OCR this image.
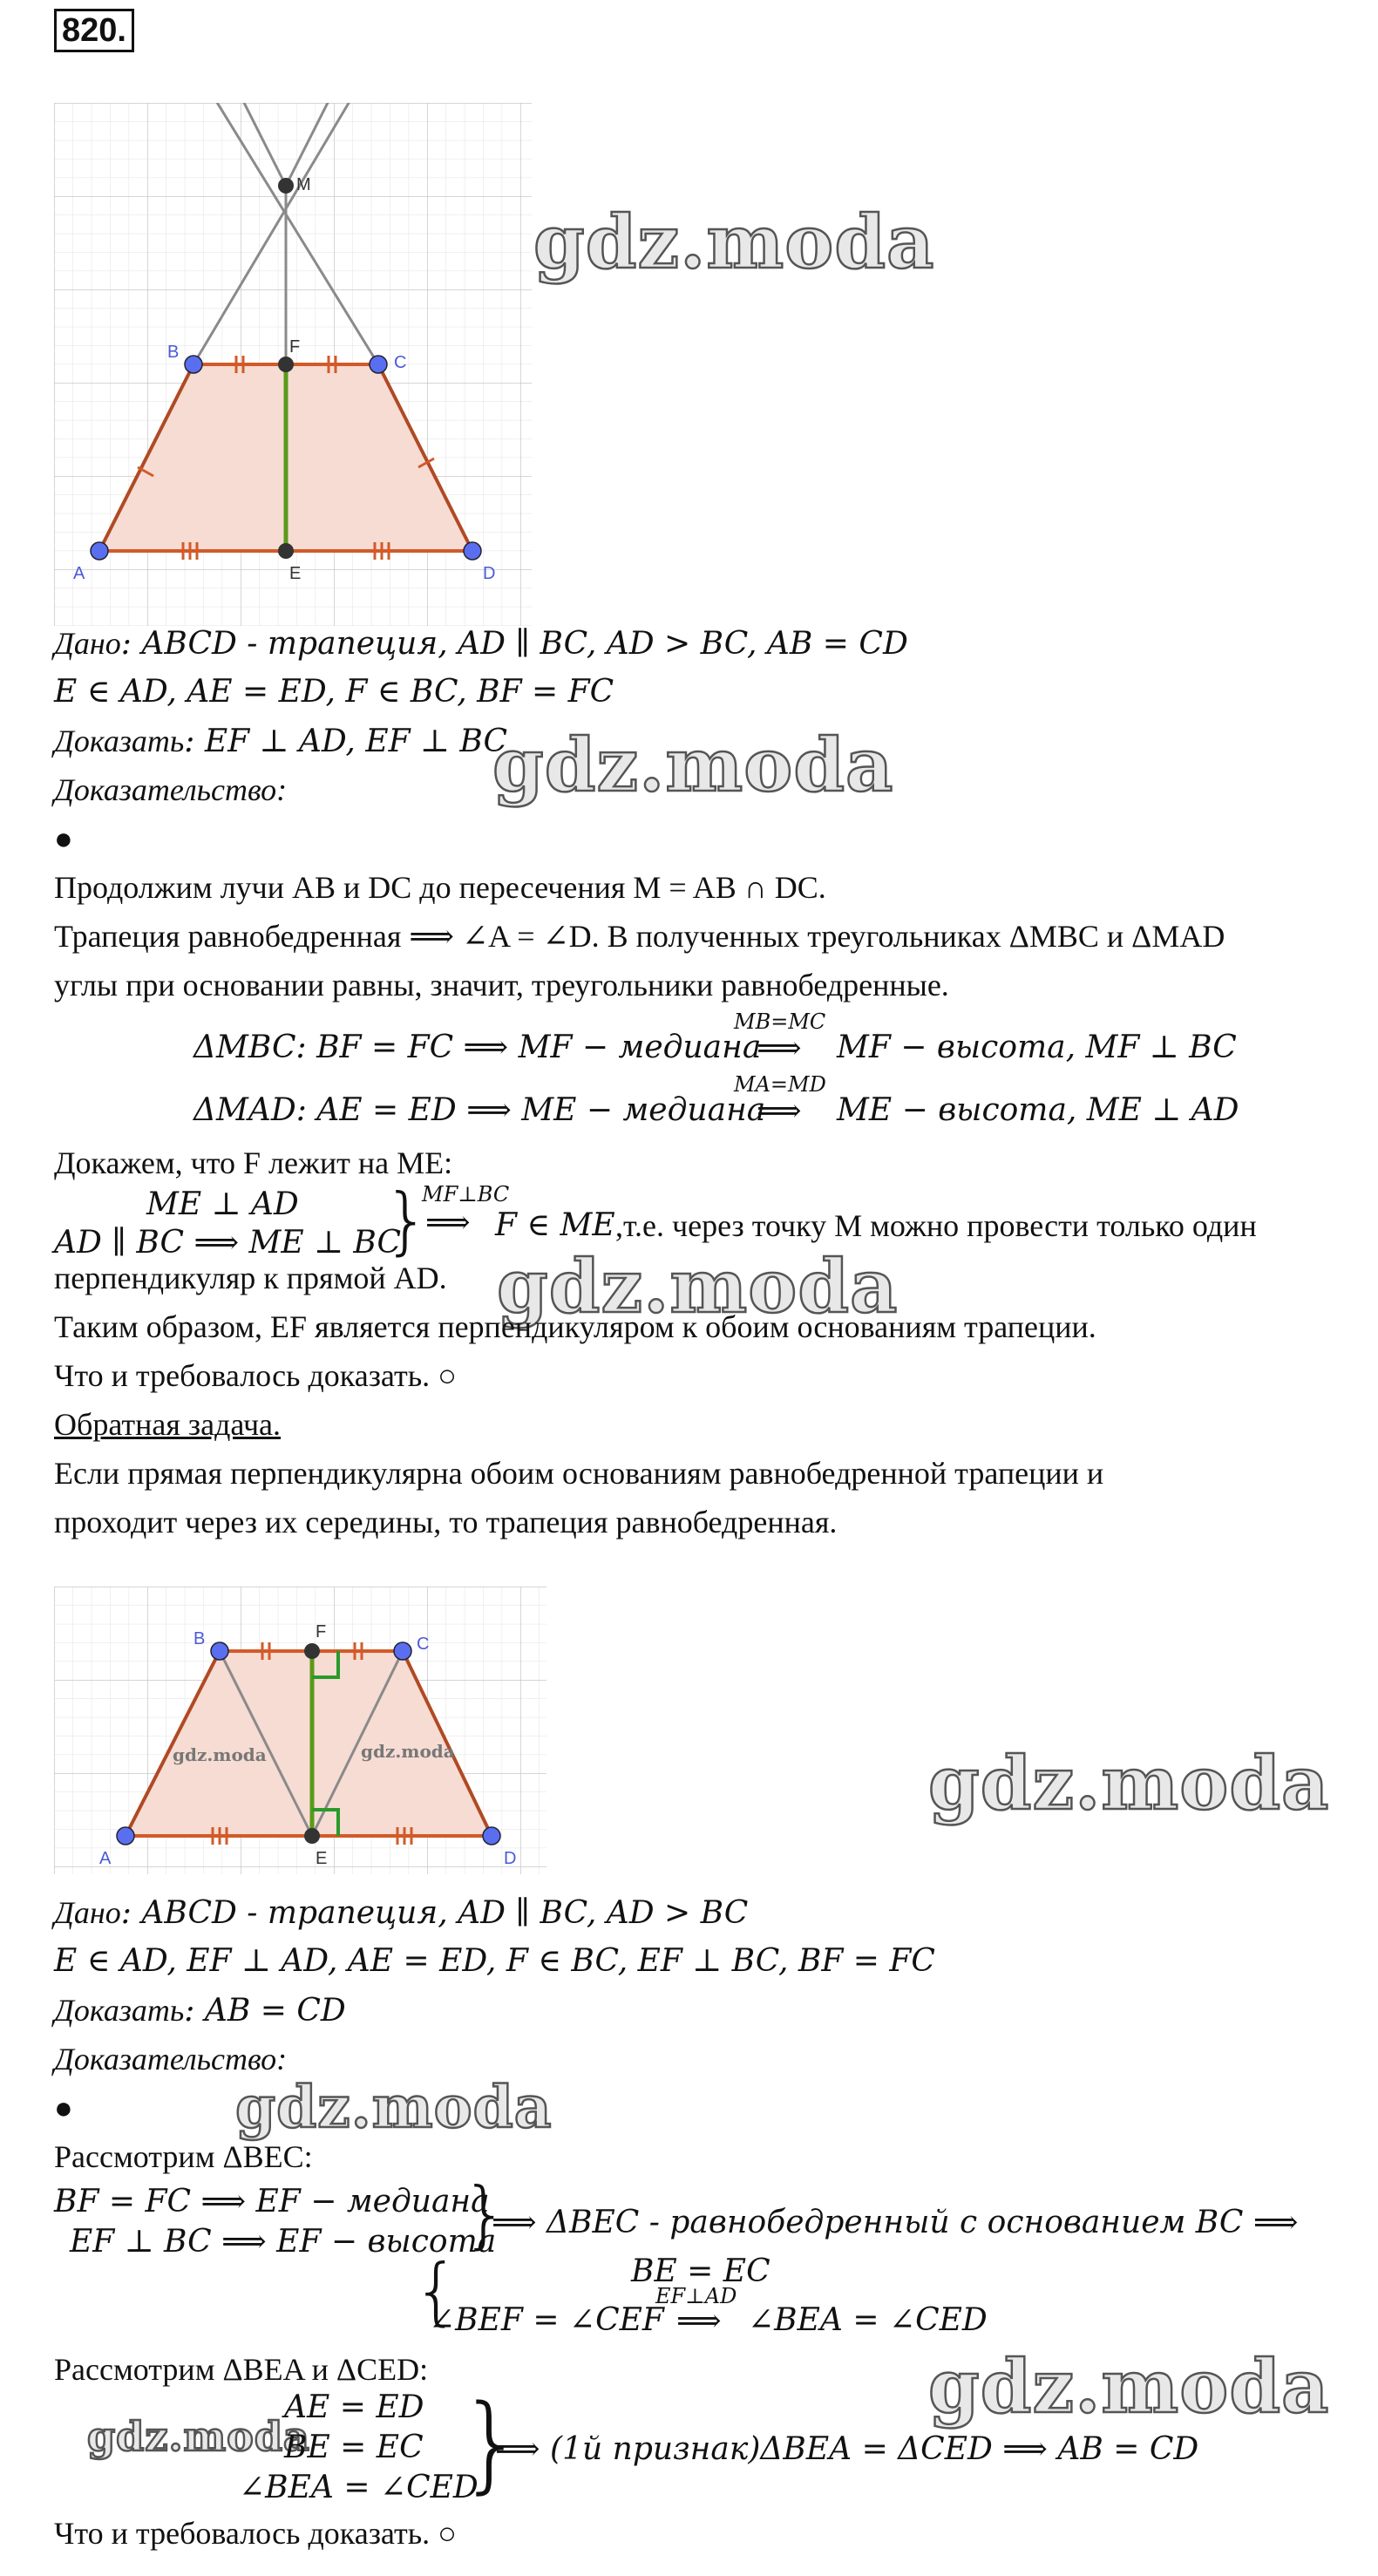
820.
M
F
E
A
B
C
D
gdz.moda
Дано: ABCD - трапеция, AD ∥ BC, AD > BC, AB = CD
E ∈ AD, AE = ED, F ∈ BC, BF = FC
Доказать: EF ⊥ AD, EF ⊥ BC
gdz.moda
Доказательство:
●
Продолжим лучи AB и DC до пересечения M = AB ∩ DC.
Трапеция равнобедренная ⟹ ∠A = ∠D. В полученных треугольниках ΔMBC и ΔMAD
углы при основании равны, значит, треугольники равнобедренные.
ΔMBC: BF = FC ⟹ MF − медиана
MB=MC
⟹ MF − высота, MF ⊥ BC
ΔMAD: AE = ED ⟹ ME − медиана
MA=MD
⟹ ME − высота, ME ⊥ AD
Докажем, что F лежит на ME:
ME ⊥ AD
AD ∥ BC ⟹ ME ⊥ BC
}
MF⊥BC
⟹ F ∈ ME ,т.е. через точку M можно провести только один
перпендикуляр к прямой AD. gdz.moda
Таким образом, EF является перпендикуляром к обоим основаниям трапеции.
Что и требовалось доказать. ○
Обратная задача.
Если прямая перпендикулярна обоим основаниям равнобедренной трапеции и
проходит через их середины, то трапеция равнобедренная.
gdz.moda	gdz.moda
F
E
A
B	C
D
gdz.moda
Дано: ABCD - трапеция, AD ∥ BC, AD > BC
E ∈ AD, EF ⊥ AD, AE = ED, F ∈ BC, EF ⊥ BC, BF = FC
Доказать: AB = CD
Доказательство:
●	gdz.moda
Рассмотрим ΔBEC:
BF = FC ⟹ EF − медиана
EF ⊥ BC ⟹ EF − высота
}
⟹ ΔBEC - равнобедренный с основанием BC ⟹
{	BE = EC
∠BEF = ∠CEF
EF⊥AD
⟹ ∠BEA = ∠CED
Рассмотрим ΔBEA и ΔCED:	gdz.moda
gdz.moda
AE = ED
BE = EC
∠BEA = ∠CED
}
⟹ (1й признак)ΔBEA = ΔCED ⟹ AB = CD
Что и требовалось доказать. ○
